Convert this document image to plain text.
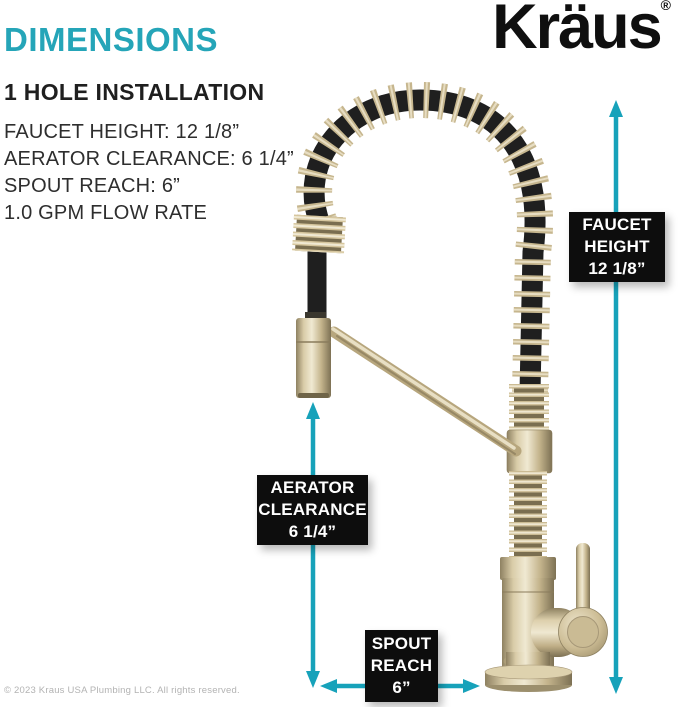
DIMENSIONS
1 HOLE INSTALLATION
FAUCET HEIGHT: 12 1/8”
AERATOR CLEARANCE: 6 1/4”
SPOUT REACH: 6”
1.0 GPM FLOW RATE
Kräus®
FAUCET
HEIGHT
12 1/8”
AERATOR
CLEARANCE
6 1/4”
SPOUT
REACH
6”
© 2023 Kraus USA Plumbing LLC. All rights reserved.
